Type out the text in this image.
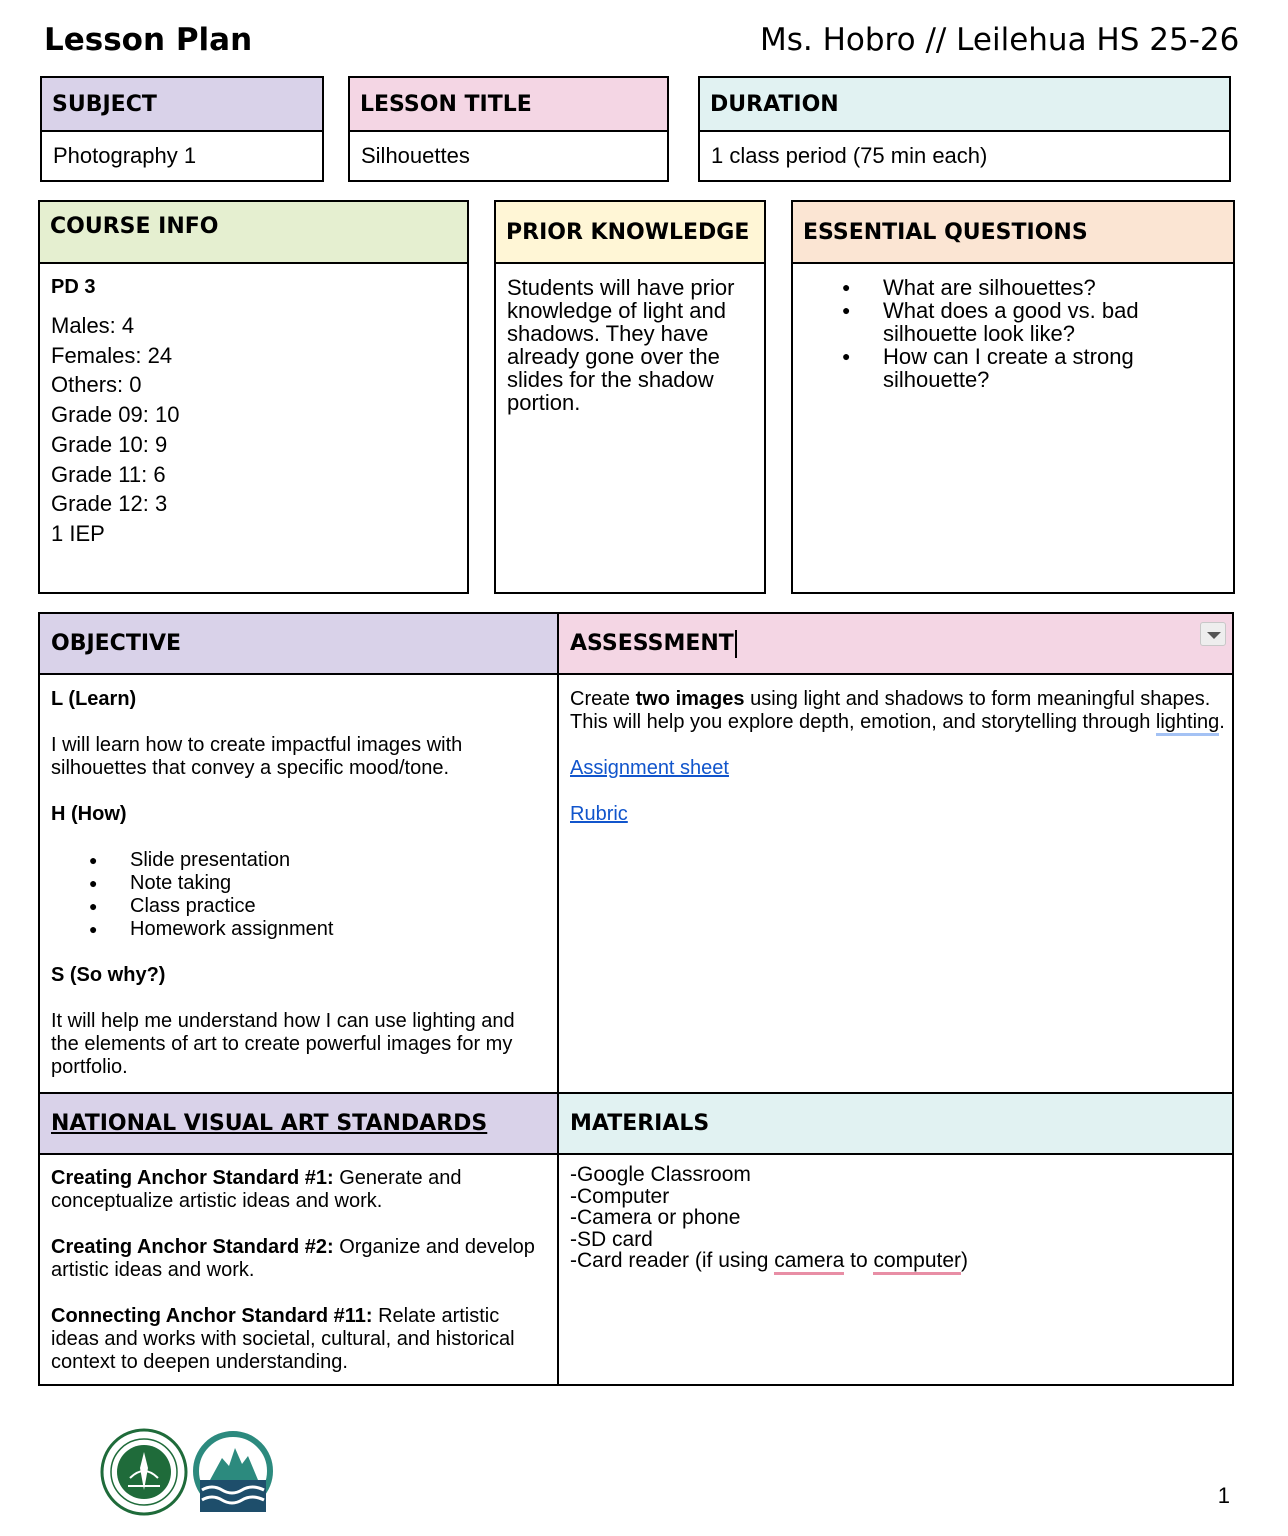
Lesson Plan	Ms. Hobro // Leilehua HS 25-26
SUBJECT
Photography 1
LESSON TITLE
Silhouettes
DURATION
1 class period (75 min each)
COURSE INFO
PD 3
Males: 4
Females: 24
Others: 0
Grade 09: 10
Grade 10: 9
Grade 11: 6
Grade 12: 3
1 IEP
PRIOR KNOWLEDGE
Students will have prior knowledge of light and shadows. They have already gone over the slides for the shadow portion.
ESSENTIAL QUESTIONS
● What are silhouettes?
● What does a good vs. bad silhouette look like?
● How can I create a strong silhouette?
OBJECTIVE	ASSESSMENT
L (Learn)
I will learn how to create impactful images with silhouettes that convey a specific mood/tone.
H (How)
● Slide presentation
● Note taking
● Class practice
● Homework assignment
S (So why?)
It will help me understand how I can use lighting and the elements of art to create powerful images for my portfolio.
Create two images using light and shadows to form meaningful shapes. This will help you explore depth, emotion, and storytelling through lighting.
Assignment sheet
Rubric
NATIONAL VISUAL ART STANDARDS	MATERIALS
Creating Anchor Standard #1: Generate and conceptualize artistic ideas and work.
Creating Anchor Standard #2: Organize and develop artistic ideas and work.
Connecting Anchor Standard #11: Relate artistic ideas and works with societal, cultural, and historical context to deepen understanding.
-Google Classroom
-Computer
-Camera or phone
-SD card
-Card reader (if using camera to computer)
1
